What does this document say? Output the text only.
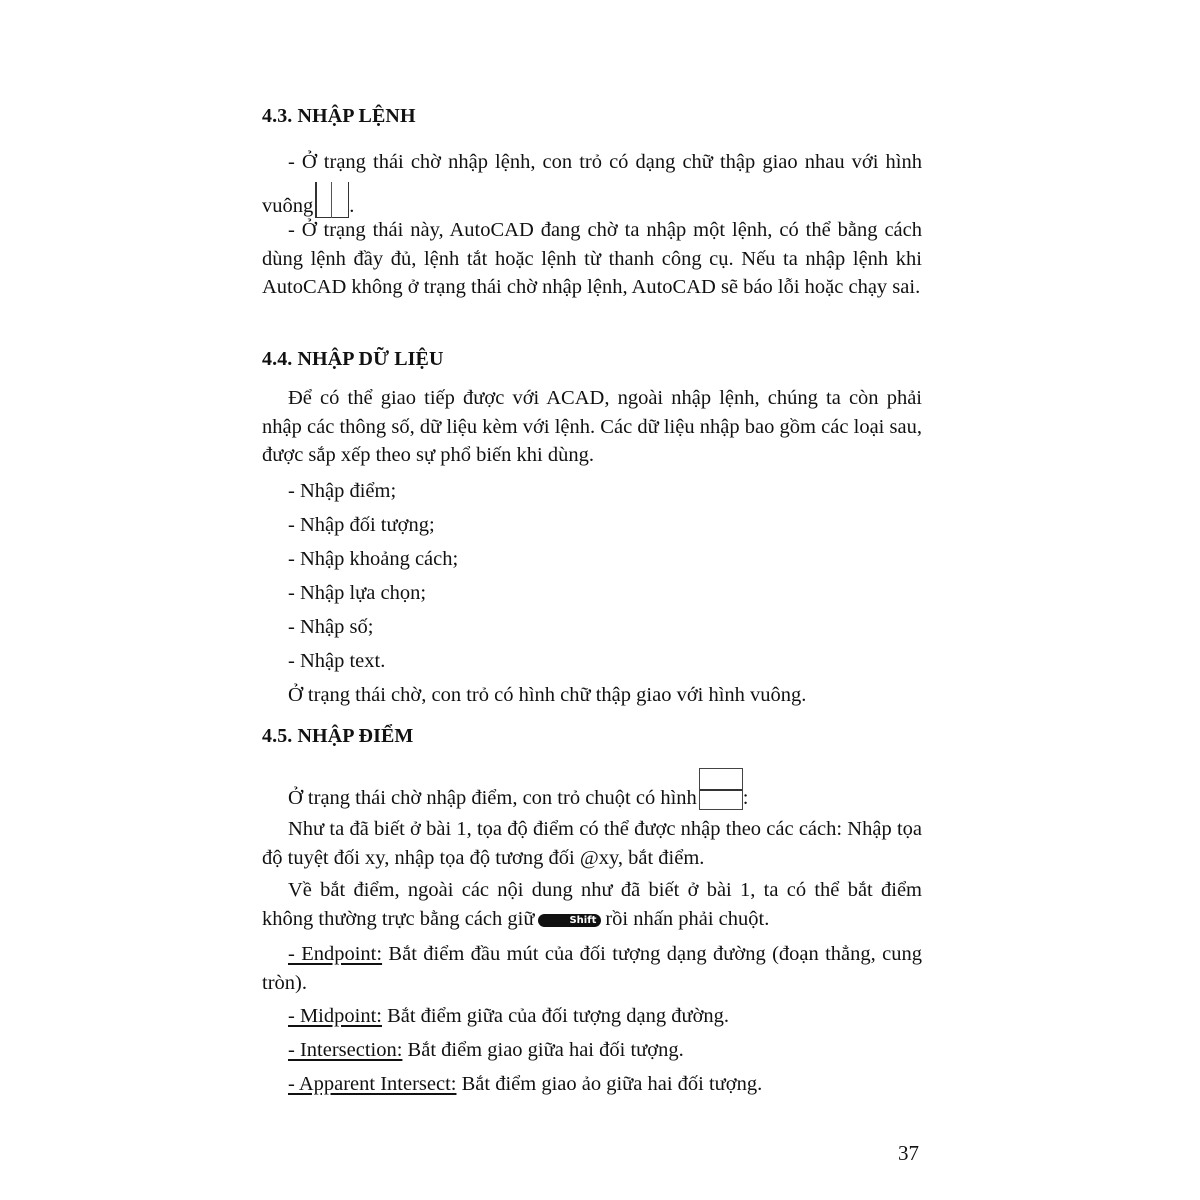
4.3. NHẬP LỆNH
- Ở trạng thái chờ nhập lệnh, con trỏ có dạng chữ thập giao nhau với hình vuông .
- Ở trạng thái này, AutoCAD đang chờ ta nhập một lệnh, có thể bằng cách dùng lệnh đầy đủ, lệnh tắt hoặc lệnh từ thanh công cụ. Nếu ta nhập lệnh khi AutoCAD không ở trạng thái chờ nhập lệnh, AutoCAD sẽ báo lỗi hoặc chạy sai.
4.4. NHẬP DỮ LIỆU
Để có thể giao tiếp được với ACAD, ngoài nhập lệnh, chúng ta còn phải nhập các thông số, dữ liệu kèm với lệnh. Các dữ liệu nhập bao gồm các loại sau, được sắp xếp theo sự phổ biến khi dùng.
- Nhập điểm;
- Nhập đối tượng;
- Nhập khoảng cách;
- Nhập lựa chọn;
- Nhập số;
- Nhập text.
Ở trạng thái chờ, con trỏ có hình chữ thập giao với hình vuông.
4.5. NHẬP ĐIỂM
Ở trạng thái chờ nhập điểm, con trỏ chuột có hình :
Như ta đã biết ở bài 1, tọa độ điểm có thể được nhập theo các cách: Nhập tọa độ tuyệt đối xy, nhập tọa độ tương đối @xy, bắt điểm.
Về bắt điểm, ngoài các nội dung như đã biết ở bài 1, ta có thể bắt điểm không thường trực bằng cách giữ	Shift rồi nhấn phải chuột.
- Endpoint: Bắt điểm đầu mút của đối tượng dạng đường (đoạn thẳng, cung tròn).
- Midpoint: Bắt điểm giữa của đối tượng dạng đường.
- Intersection: Bắt điểm giao giữa hai đối tượng.
- Apparent Intersect: Bắt điểm giao ảo giữa hai đối tượng.
37
